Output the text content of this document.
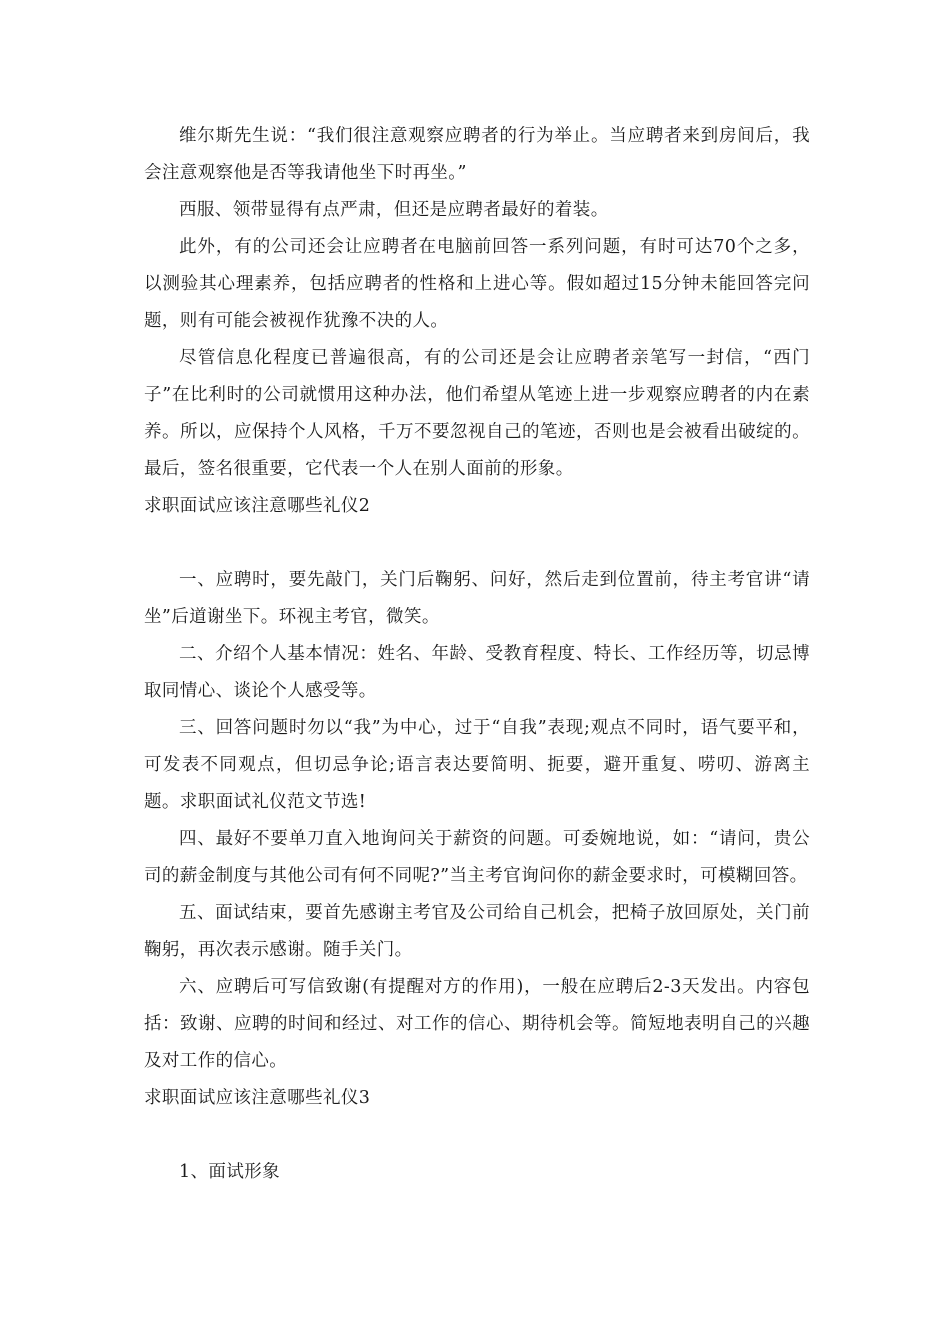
维尔斯先生说：“我们很注意观察应聘者的行为举止。当应聘者来到房间后，我会注意观察他是否等我请他坐下时再坐。”

西服、领带显得有点严肃，但还是应聘者最好的着装。

此外，有的公司还会让应聘者在电脑前回答一系列问题，有时可达70个之多，以测验其心理素养，包括应聘者的性格和上进心等。假如超过15分钟未能回答完问题，则有可能会被视作犹豫不决的人。

尽管信息化程度已普遍很高，有的公司还是会让应聘者亲笔写一封信，“西门子”在比利时的公司就惯用这种办法，他们希望从笔迹上进一步观察应聘者的内在素养。所以，应保持个人风格，千万不要忽视自己的笔迹，否则也是会被看出破绽的。最后，签名很重要，它代表一个人在别人面前的形象。

求职面试应该注意哪些礼仪2

一、应聘时，要先敲门，关门后鞠躬、问好，然后走到位置前，待主考官讲“请坐”后道谢坐下。环视主考官，微笑。

二、介绍个人基本情况：姓名、年龄、受教育程度、特长、工作经历等，切忌博取同情心、谈论个人感受等。

三、回答问题时勿以“我”为中心，过于“自我”表现;观点不同时，语气要平和，可发表不同观点，但切忌争论;语言表达要简明、扼要，避开重复、唠叨、游离主题。求职面试礼仪范文节选!

四、最好不要单刀直入地询问关于薪资的问题。可委婉地说，如：“请问，贵公司的薪金制度与其他公司有何不同呢?”当主考官询问你的薪金要求时，可模糊回答。

五、面试结束，要首先感谢主考官及公司给自己机会，把椅子放回原处，关门前鞠躬，再次表示感谢。随手关门。

六、应聘后可写信致谢(有提醒对方的作用)，一般在应聘后2-3天发出。内容包括：致谢、应聘的时间和经过、对工作的信心、期待机会等。简短地表明自己的兴趣及对工作的信心。

求职面试应该注意哪些礼仪3

1、面试形象
